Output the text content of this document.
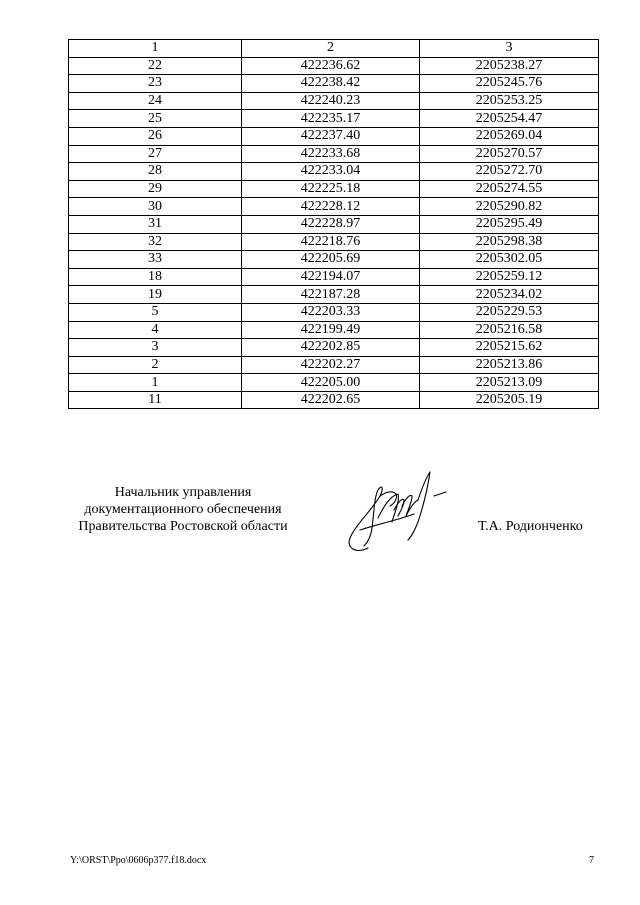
1	2	3
22	422236.62	2205238.27
23	422238.42	2205245.76
24	422240.23	2205253.25
25	422235.17	2205254.47
26	422237.40	2205269.04
27	422233.68	2205270.57
28	422233.04	2205272.70
29	422225.18	2205274.55
30	422228.12	2205290.82
31	422228.97	2205295.49
32	422218.76	2205298.38
33	422205.69	2205302.05
18	422194.07	2205259.12
19	422187.28	2205234.02
5	422203.33	2205229.53
4	422199.49	2205216.58
3	422202.85	2205215.62
2	422202.27	2205213.86
1	422205.00	2205213.09
11	422202.65	2205205.19
Начальник управления
документационного обеспечения
Правительства Ростовской области	Т.А. Родионченко
Y:\ORST\Ppo\0606p377.f18.docx	7
